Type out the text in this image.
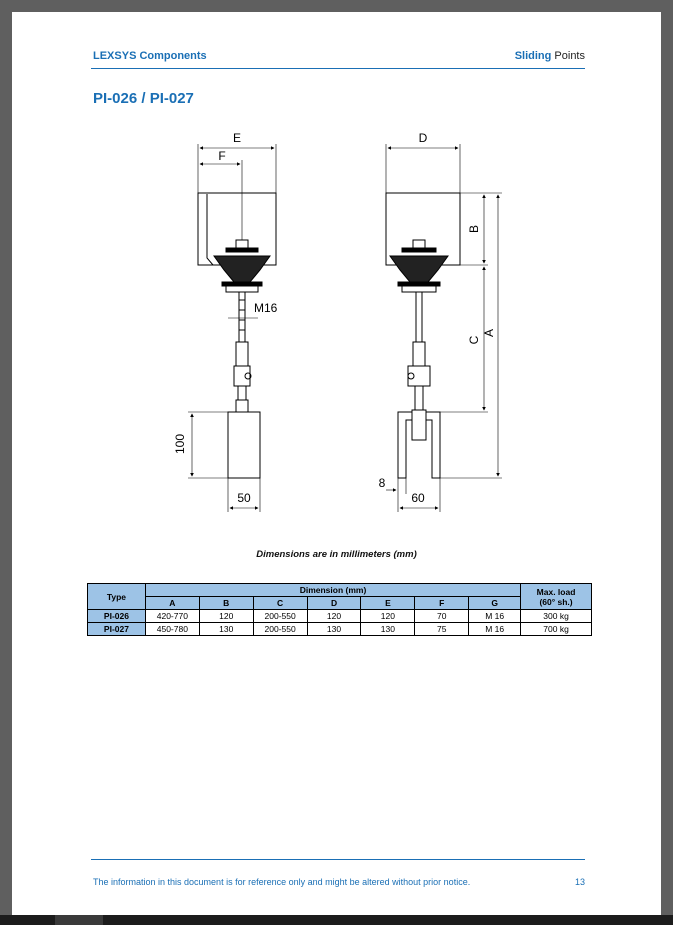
LEXSYS Components	Sliding Points
PI-026 / PI-027
E
F
D
M16
100
50
B
C
A
8
60
Dimensions are in millimeters (mm)
Type	Dimension (mm)							Max. load
(60° sh.)
	A	B	C	D	E	F	G	
PI-026	420-770	120	200-550	120	120	70	M 16	300 kg
PI-027	450-780	130	200-550	130	130	75	M 16	700 kg
The information in this document is for reference only and might be altered without prior notice.	13
